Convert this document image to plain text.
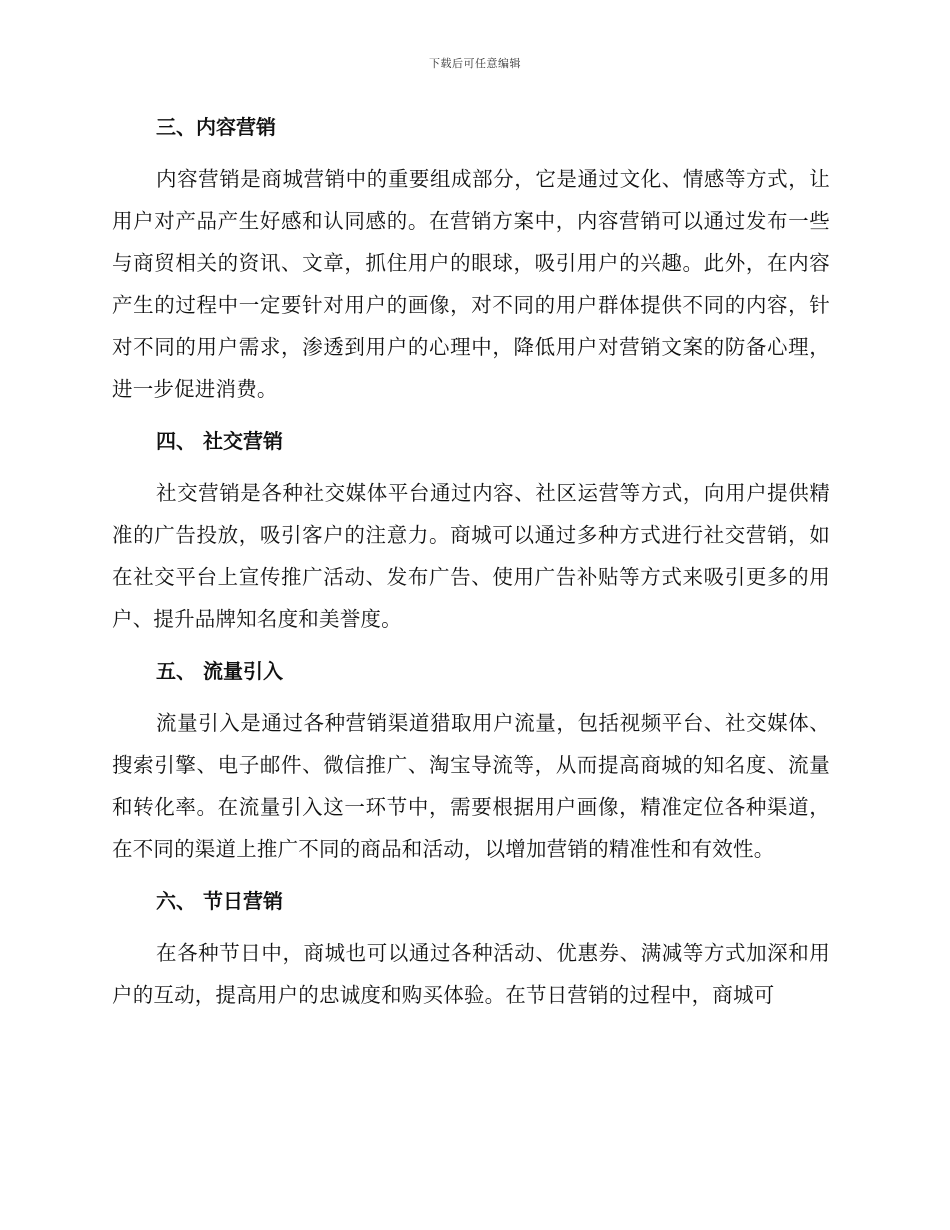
下载后可任意编辑
三、内容营销

内容营销是商城营销中的重要组成部分，它是通过文化、情感等方式，让用户对产品产生好感和认同感的。在营销方案中，内容营销可以通过发布一些与商贸相关的资讯、文章，抓住用户的眼球，吸引用户的兴趣。此外，在内容产生的过程中一定要针对用户的画像，对不同的用户群体提供不同的内容，针对不同的用户需求，渗透到用户的心理中，降低用户对营销文案的防备心理，进一步促进消费。

四、 社交营销

社交营销是各种社交媒体平台通过内容、社区运营等方式，向用户提供精准的广告投放，吸引客户的注意力。商城可以通过多种方式进行社交营销，如在社交平台上宣传推广活动、发布广告、使用广告补贴等方式来吸引更多的用户、提升品牌知名度和美誉度。

五、 流量引入

流量引入是通过各种营销渠道猎取用户流量，包括视频平台、社交媒体、搜索引擎、电子邮件、微信推广、淘宝导流等，从而提高商城的知名度、流量和转化率。在流量引入这一环节中，需要根据用户画像，精准定位各种渠道，在不同的渠道上推广不同的商品和活动，以增加营销的精准性和有效性。

六、 节日营销

在各种节日中，商城也可以通过各种活动、优惠券、满减等方式加深和用户的互动，提高用户的忠诚度和购买体验。在节日营销的过程中，商城可
